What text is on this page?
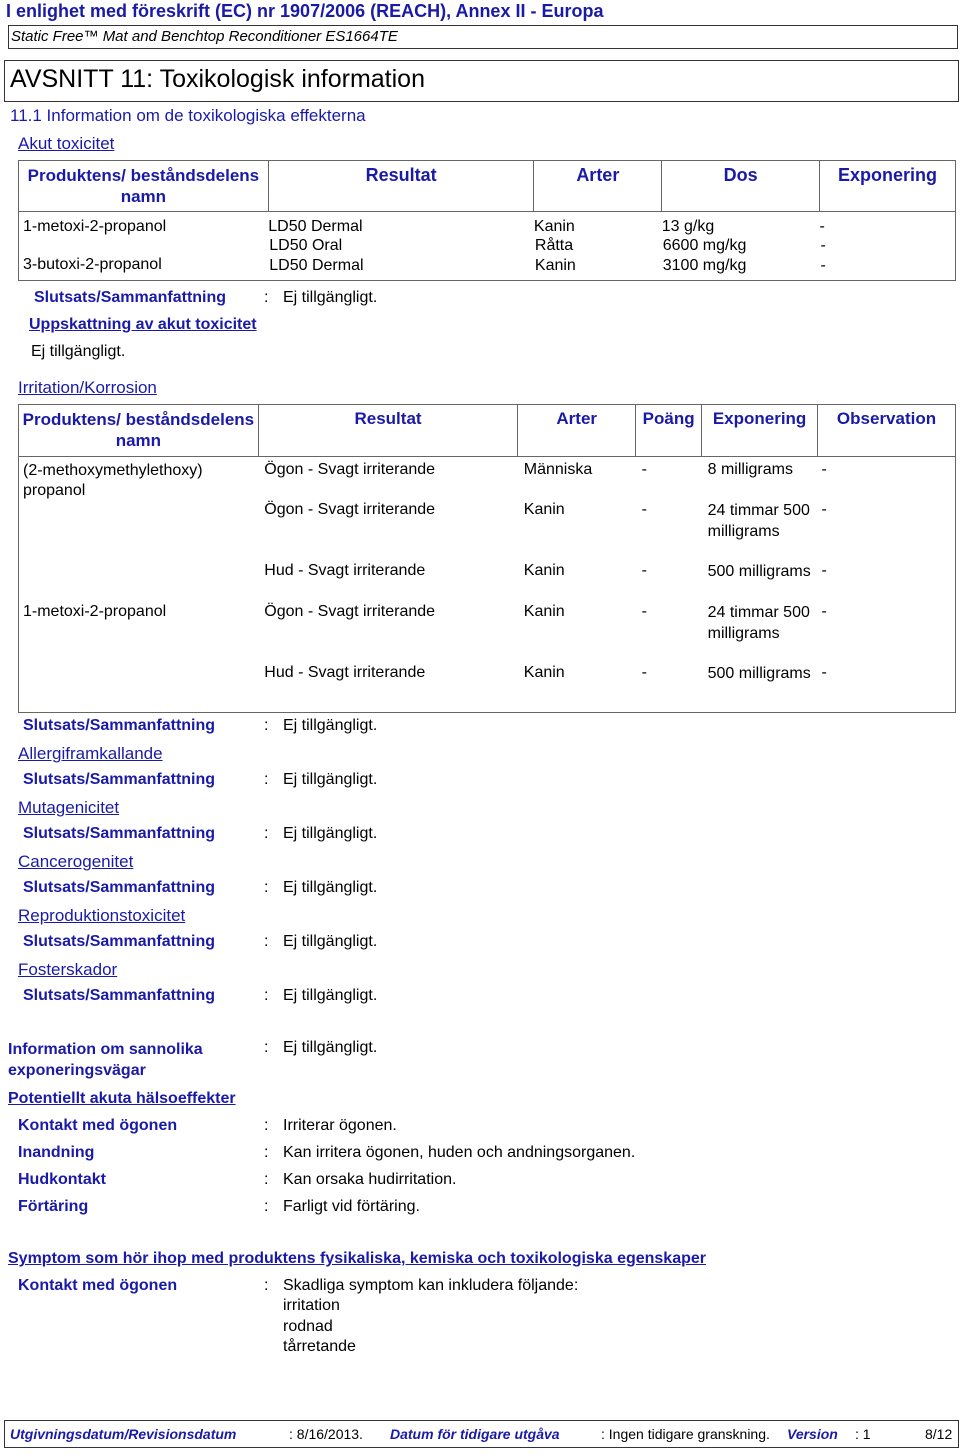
I enlighet med föreskrift (EC) nr 1907/2006 (REACH), Annex II - Europa
Static Free™ Mat and Benchtop Reconditioner ES1664TE
AVSNITT 11: Toxikologisk information
11.1 Information om de toxikologiska effekterna
Akut toxicitet
Produktens/ beståndsdelens namn	Resultat	Arter	Dos	Exponering
1-metoxi-2-propanol	LD50 Dermal	Kanin	13 g/kg	-
	LD50 Oral	Råtta	6600 mg/kg	-
3-butoxi-2-propanol	LD50 Dermal	Kanin	3100 mg/kg	-
Slutsats/Sammanfattning : Ej tillgängligt.
Uppskattning av akut toxicitet
Ej tillgängligt.
Irritation/Korrosion
Produktens/ beståndsdelens namn	Resultat	Arter	Poäng	Exponering	Observation
(2-methoxymethylethoxy) propanol	Ögon - Svagt irriterande	Människa	-	8 milligrams	-
	Ögon - Svagt irriterande	Kanin	-	24 timmar 500 milligrams	-
	Hud - Svagt irriterande	Kanin	-	500 milligrams	-
1-metoxi-2-propanol	Ögon - Svagt irriterande	Kanin	-	24 timmar 500 milligrams	-
	Hud - Svagt irriterande	Kanin	-	500 milligrams	-
Slutsats/Sammanfattning	: Ej tillgängligt.
Allergiframkallande
Slutsats/Sammanfattning	: Ej tillgängligt.
Mutagenicitet
Slutsats/Sammanfattning	: Ej tillgängligt.
Cancerogenitet
Slutsats/Sammanfattning	: Ej tillgängligt.
Reproduktionstoxicitet
Slutsats/Sammanfattning	: Ej tillgängligt.
Fosterskador
Slutsats/Sammanfattning	: Ej tillgängligt.
Information om sannolika exponeringsvägar
: Ej tillgängligt.
Potentiellt akuta hälsoeffekter
Kontakt med ögonen	: Irriterar ögonen.
Inandning	: Kan irritera ögonen, huden och andningsorganen.
Hudkontakt	: Kan orsaka hudirritation.
Förtäring	: Farligt vid förtäring.
Symptom som hör ihop med produktens fysikaliska, kemiska och toxikologiska egenskaper
Kontakt med ögonen	: Skadliga symptom kan inkludera följande:
irritation
rodnad
tårretande
Utgivningsdatum/Revisionsdatum	: 8/16/2013. Datum för tidigare utgåva	: Ingen tidigare granskning. Version : 1	8/12
